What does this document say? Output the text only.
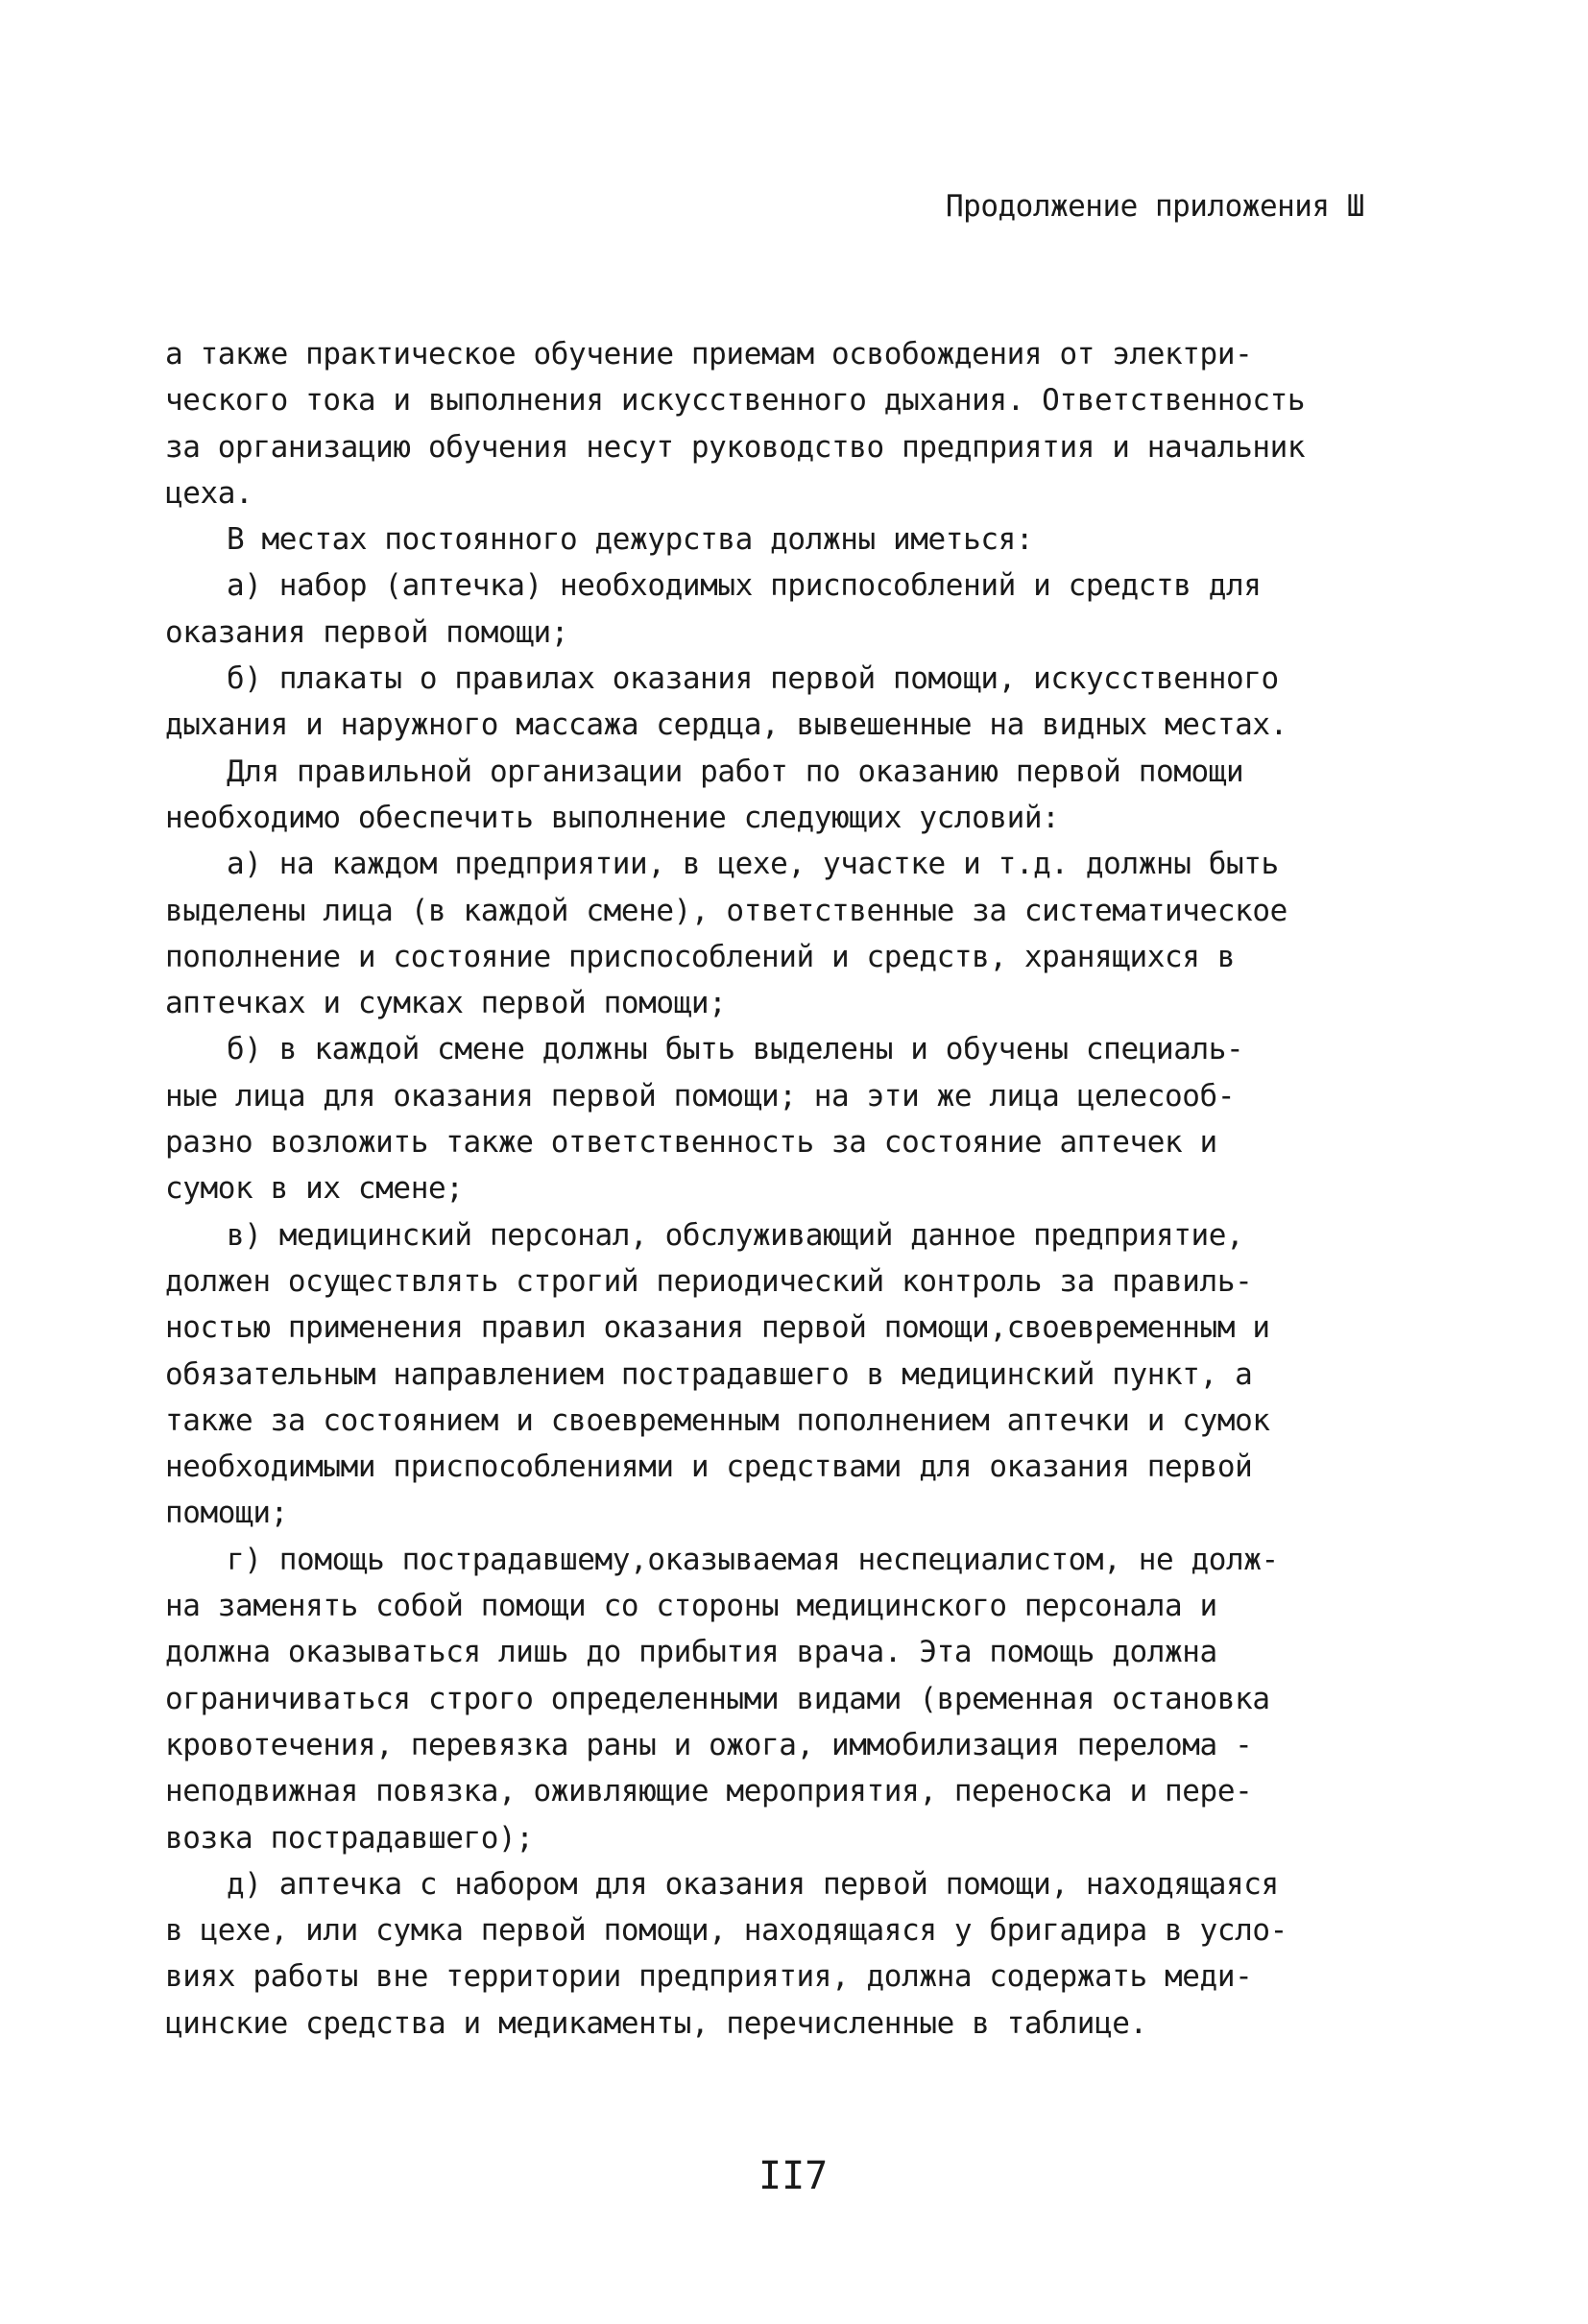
Продолжение приложения Ш
а также практическое обучение приемам освобождения от электри-
ческого тока и выполнения искусственного дыхания. Ответственность
за организацию обучения несут руководство предприятия и начальник
цеха.
В местах постоянного дежурства должны иметься:
а) набор (аптечка) необходимых приспособлений и средств для
оказания первой помощи;
б) плакаты о правилах оказания первой помощи, искусственного
дыхания и наружного массажа сердца, вывешенные на видных местах.
Для правильной организации работ по оказанию первой помощи
необходимо обеспечить выполнение следующих условий:
а) на каждом предприятии, в цехе, участке и т.д. должны быть
выделены лица (в каждой смене), ответственные за систематическое
пополнение и состояние приспособлений и средств, хранящихся в
аптечках и сумках первой помощи;
б) в каждой смене должны быть выделены и обучены специаль-
ные лица для оказания первой помощи; на эти же лица целесооб-
разно возложить также ответственность за состояние аптечек и
сумок в их смене;
в) медицинский персонал, обслуживающий данное предприятие,
должен осуществлять строгий периодический контроль за правиль-
ностью применения правил оказания первой помощи,своевременным и
обязательным направлением пострадавшего в медицинский пункт, а
также за состоянием и своевременным пополнением аптечки и сумок
необходимыми приспособлениями и средствами для оказания первой
помощи;
г) помощь пострадавшему,оказываемая неспециалистом, не долж-
на заменять собой помощи со стороны медицинского персонала и
должна оказываться лишь до прибытия врача. Эта помощь должна
ограничиваться строго определенными видами (временная остановка
кровотечения, перевязка раны и ожога, иммобилизация перелома -
неподвижная повязка, оживляющие мероприятия, переноска и пере-
возка пострадавшего);
д) аптечка с набором для оказания первой помощи, находящаяся
в цехе, или сумка первой помощи, находящаяся у бригадира в усло-
виях работы вне территории предприятия, должна содержать меди-
цинские средства и медикаменты, перечисленные в таблице.
II7
